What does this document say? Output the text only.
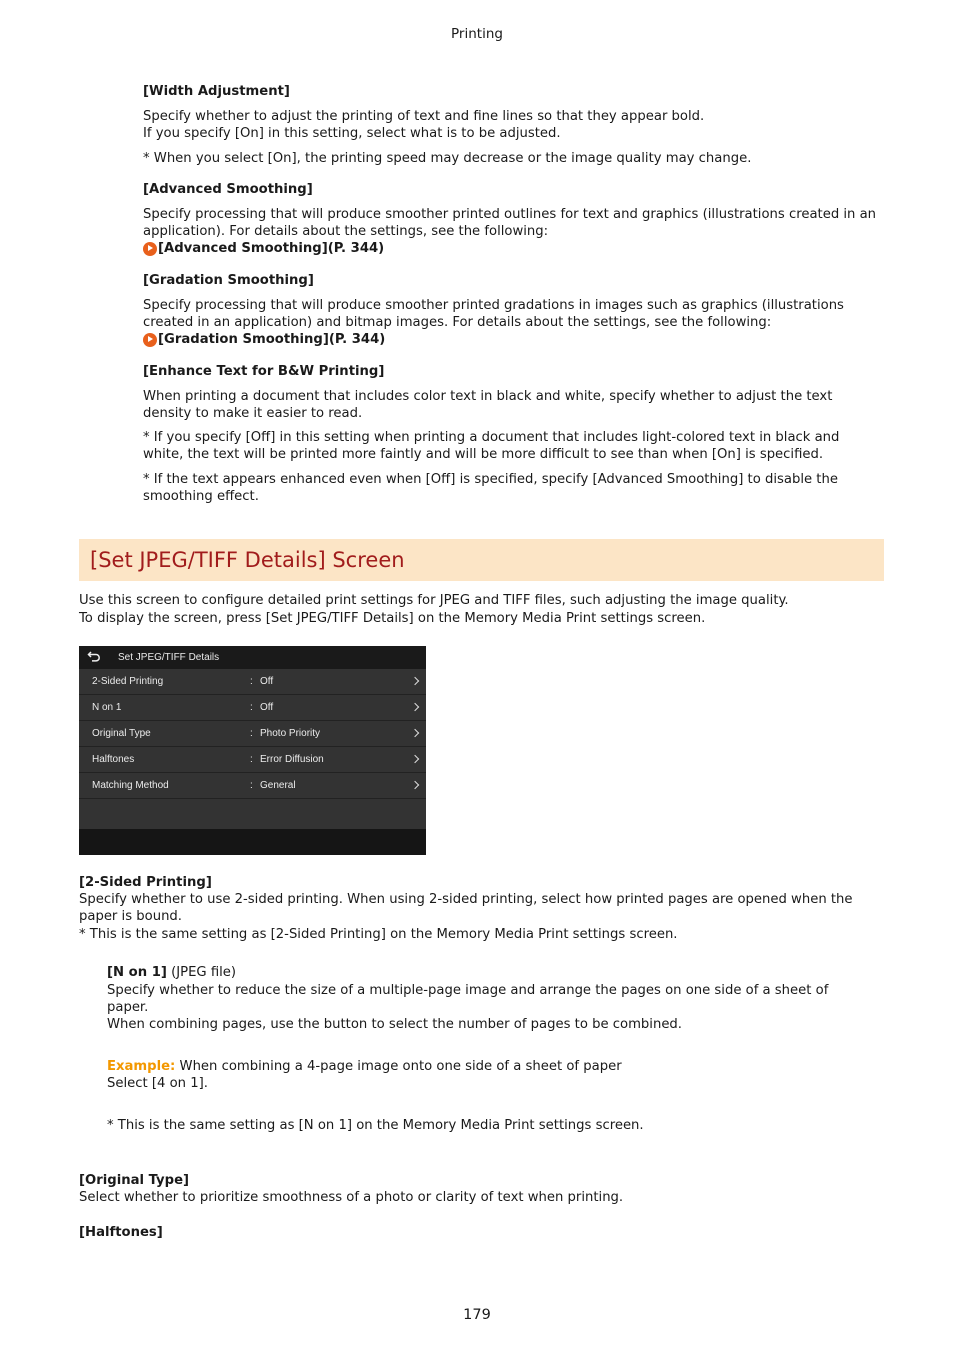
Printing
[Width Adjustment]
Specify whether to adjust the printing of text and fine lines so that they appear bold.
If you specify [On] in this setting, select what is to be adjusted.
* When you select [On], the printing speed may decrease or the image quality may change.
[Advanced Smoothing]
Specify processing that will produce smoother printed outlines for text and graphics (illustrations created in an application). For details about the settings, see the following:
[Advanced Smoothing](P. 344)
[Gradation Smoothing]
Specify processing that will produce smoother printed gradations in images such as graphics (illustrations created in an application) and bitmap images. For details about the settings, see the following:
[Gradation Smoothing](P. 344)
[Enhance Text for B&W Printing]
When printing a document that includes color text in black and white, specify whether to adjust the text density to make it easier to read.
* If you specify [Off] in this setting when printing a document that includes light-colored text in black and white, the text will be printed more faintly and will be more difficult to see than when [On] is specified.
* If the text appears enhanced even when [Off] is specified, specify [Advanced Smoothing] to disable the smoothing effect.
[Set JPEG/TIFF Details] Screen
Use this screen to configure detailed print settings for JPEG and TIFF files, such adjusting the image quality.
To display the screen, press [Set JPEG/TIFF Details] on the Memory Media Print settings screen.
Set JPEG/TIFF Details
2-Sided Printing	: Off
N on 1	: Off
Original Type	: Photo Priority
Halftones	: Error Diffusion
Matching Method	: General
[2-Sided Printing]
Specify whether to use 2-sided printing. When using 2-sided printing, select how printed pages are opened when the paper is bound.
* This is the same setting as [2-Sided Printing] on the Memory Media Print settings screen.
[N on 1] (JPEG file)
Specify whether to reduce the size of a multiple-page image and arrange the pages on one side of a sheet of paper.
When combining pages, use the button to select the number of pages to be combined.
Example: When combining a 4-page image onto one side of a sheet of paper
Select [4 on 1].
* This is the same setting as [N on 1] on the Memory Media Print settings screen.
[Original Type]
Select whether to prioritize smoothness of a photo or clarity of text when printing.
[Halftones]
179
